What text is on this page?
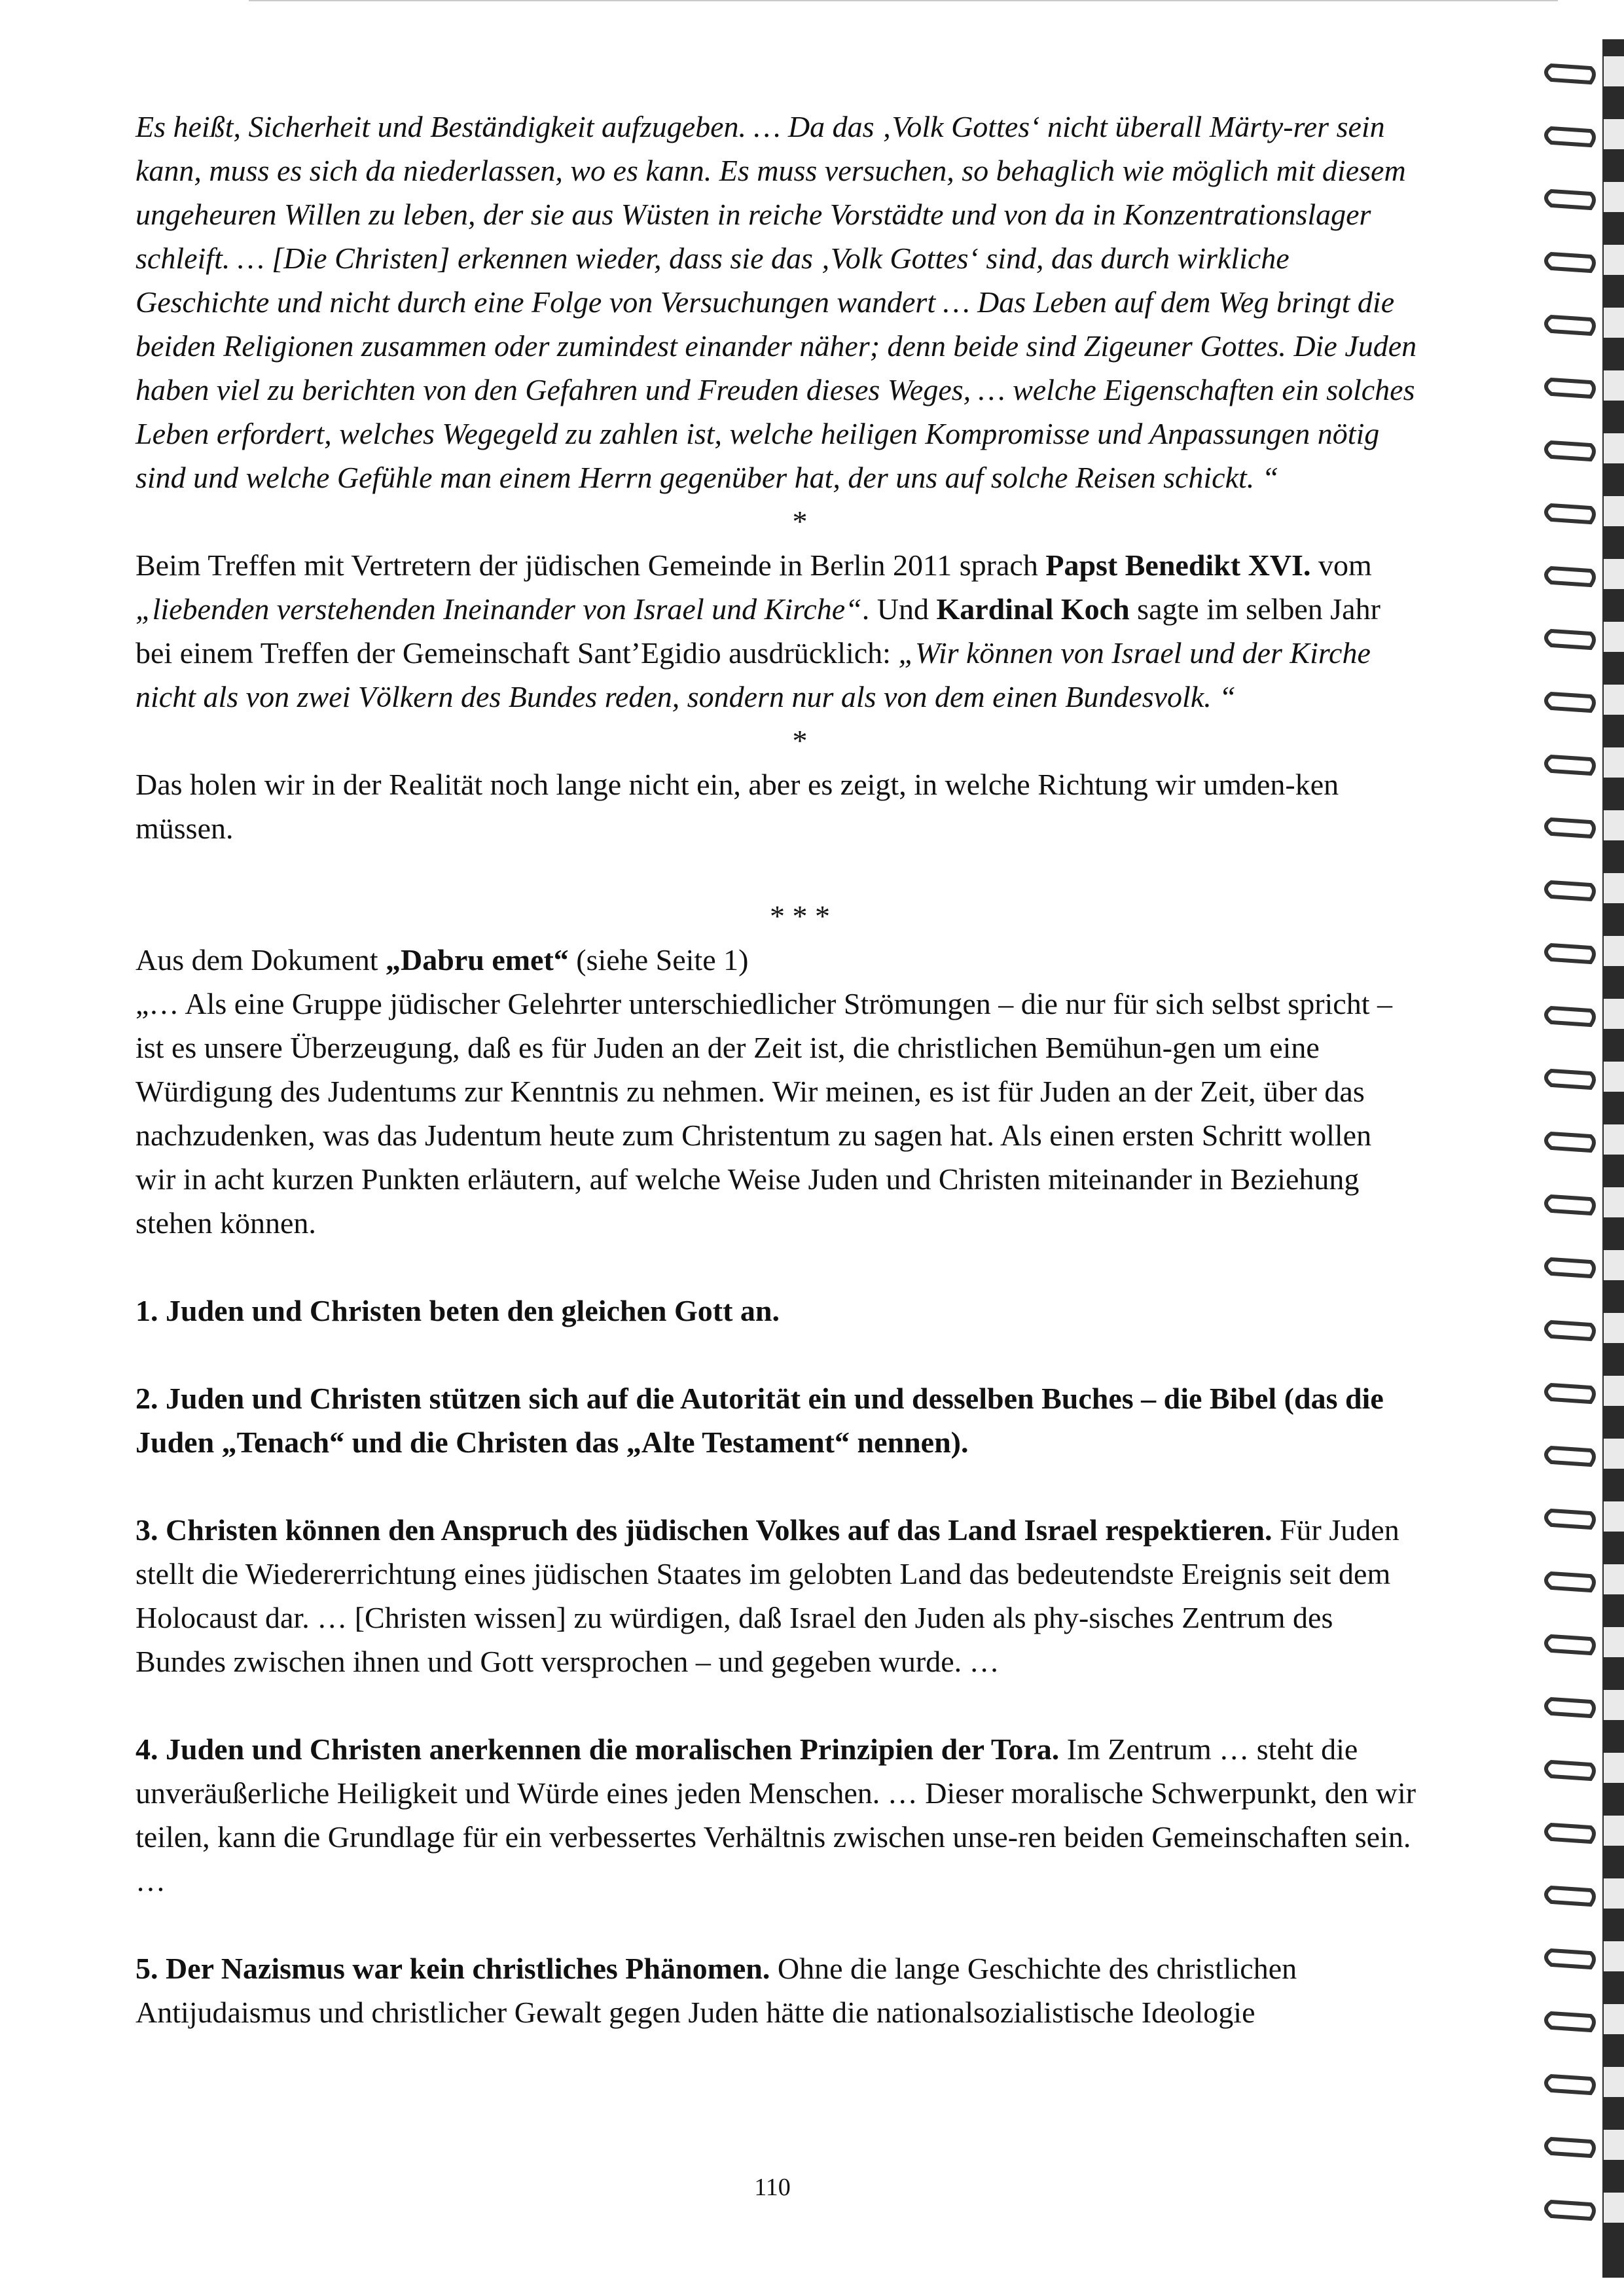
Es heißt, Sicherheit und Beständigkeit aufzugeben. … Da das ‚Volk Gottes‘ nicht überall Märty-rer sein kann, muss es sich da niederlassen, wo es kann. Es muss versuchen, so behaglich wie möglich mit diesem ungeheuren Willen zu leben, der sie aus Wüsten in reiche Vorstädte und von da in Konzentrationslager schleift. … [Die Christen] erkennen wieder, dass sie das ‚Volk Gottes‘ sind, das durch wirkliche Geschichte und nicht durch eine Folge von Versuchungen wandert … Das Leben auf dem Weg bringt die beiden Religionen zusammen oder zumindest einander näher; denn beide sind Zigeuner Gottes. Die Juden haben viel zu berichten von den Gefahren und Freuden dieses Weges, … welche Eigenschaften ein solches Leben erfordert, welches Wegegeld zu zahlen ist, welche heiligen Kompromisse und Anpassungen nötig sind und welche Gefühle man einem Herrn gegenüber hat, der uns auf solche Reisen schickt. “

*

Beim Treffen mit Vertretern der jüdischen Gemeinde in Berlin 2011 sprach Papst Benedikt XVI. vom „liebenden verstehenden Ineinander von Israel und Kirche“. Und Kardinal Koch sagte im selben Jahr bei einem Treffen der Gemeinschaft Sant’Egidio ausdrücklich: „Wir können von Israel und der Kirche nicht als von zwei Völkern des Bundes reden, sondern nur als von dem einen Bundesvolk. “

*

Das holen wir in der Realität noch lange nicht ein, aber es zeigt, in welche Richtung wir umden-ken müssen.

* * *

Aus dem Dokument „Dabru emet“ (siehe Seite 1)

„… Als eine Gruppe jüdischer Gelehrter unterschiedlicher Strömungen – die nur für sich selbst spricht – ist es unsere Überzeugung, daß es für Juden an der Zeit ist, die christlichen Bemühun-gen um eine Würdigung des Judentums zur Kenntnis zu nehmen. Wir meinen, es ist für Juden an der Zeit, über das nachzudenken, was das Judentum heute zum Christentum zu sagen hat. Als einen ersten Schritt wollen wir in acht kurzen Punkten erläutern, auf welche Weise Juden und Christen miteinander in Beziehung stehen können.

1. Juden und Christen beten den gleichen Gott an.

2. Juden und Christen stützen sich auf die Autorität ein und desselben Buches – die Bibel (das die Juden „Tenach“ und die Christen das „Alte Testament“ nennen).

3. Christen können den Anspruch des jüdischen Volkes auf das Land Israel respektieren. Für Juden stellt die Wiedererrichtung eines jüdischen Staates im gelobten Land das bedeutendste Ereignis seit dem Holocaust dar. … [Christen wissen] zu würdigen, daß Israel den Juden als phy-sisches Zentrum des Bundes zwischen ihnen und Gott versprochen – und gegeben wurde. …

4. Juden und Christen anerkennen die moralischen Prinzipien der Tora. Im Zentrum … steht die unveräußerliche Heiligkeit und Würde eines jeden Menschen. … Dieser moralische Schwerpunkt, den wir teilen, kann die Grundlage für ein verbessertes Verhältnis zwischen unse-ren beiden Gemeinschaften sein. …

5. Der Nazismus war kein christliches Phänomen. Ohne die lange Geschichte des christlichen Antijudaismus und christlicher Gewalt gegen Juden hätte die nationalsozialistische Ideologie

110
